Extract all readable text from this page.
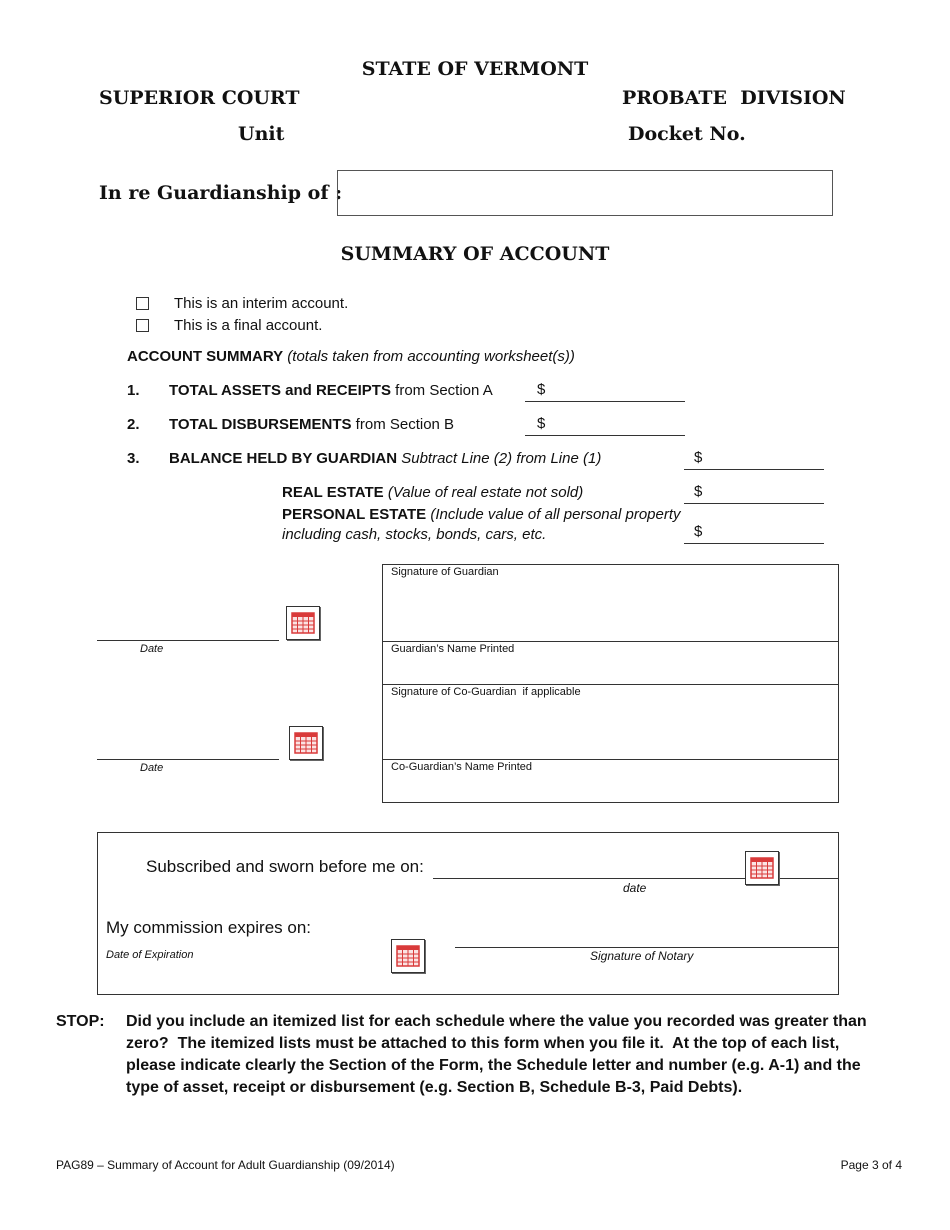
STATE OF VERMONT
SUPERIOR COURT	PROBATE  DIVISION
Unit	Docket No.
In re Guardianship of :
SUMMARY OF ACCOUNT
This is an interim account.
This is a final account.
ACCOUNT SUMMARY (totals taken from accounting worksheet(s))
1. TOTAL ASSETS and RECEIPTS from Section A	$
2. TOTAL DISBURSEMENTS from Section B	$
3. BALANCE HELD BY GUARDIAN Subtract Line (2) from Line (1)	$
REAL ESTATE (Value of real estate not sold)	$
PERSONAL ESTATE (Include value of all personal property
including cash, stocks, bonds, cars, etc.	$
Date
Date
Signature of Guardian
Guardian’s Name Printed
Signature of Co-Guardian  if applicable
Co-Guardian’s Name Printed
Subscribed and sworn before me on:
date
My commission expires on:
Date of Expiration	Signature of Notary
STOP: Did you include an itemized list for each schedule where the value you recorded was greater than
zero?  The itemized lists must be attached to this form when you file it.  At the top of each list,
please indicate clearly the Section of the Form, the Schedule letter and number (e.g. A-1) and the
type of asset, receipt or disbursement (e.g. Section B, Schedule B-3, Paid Debts).
PAG89 – Summary of Account for Adult Guardianship (09/2014)	Page 3 of 4
